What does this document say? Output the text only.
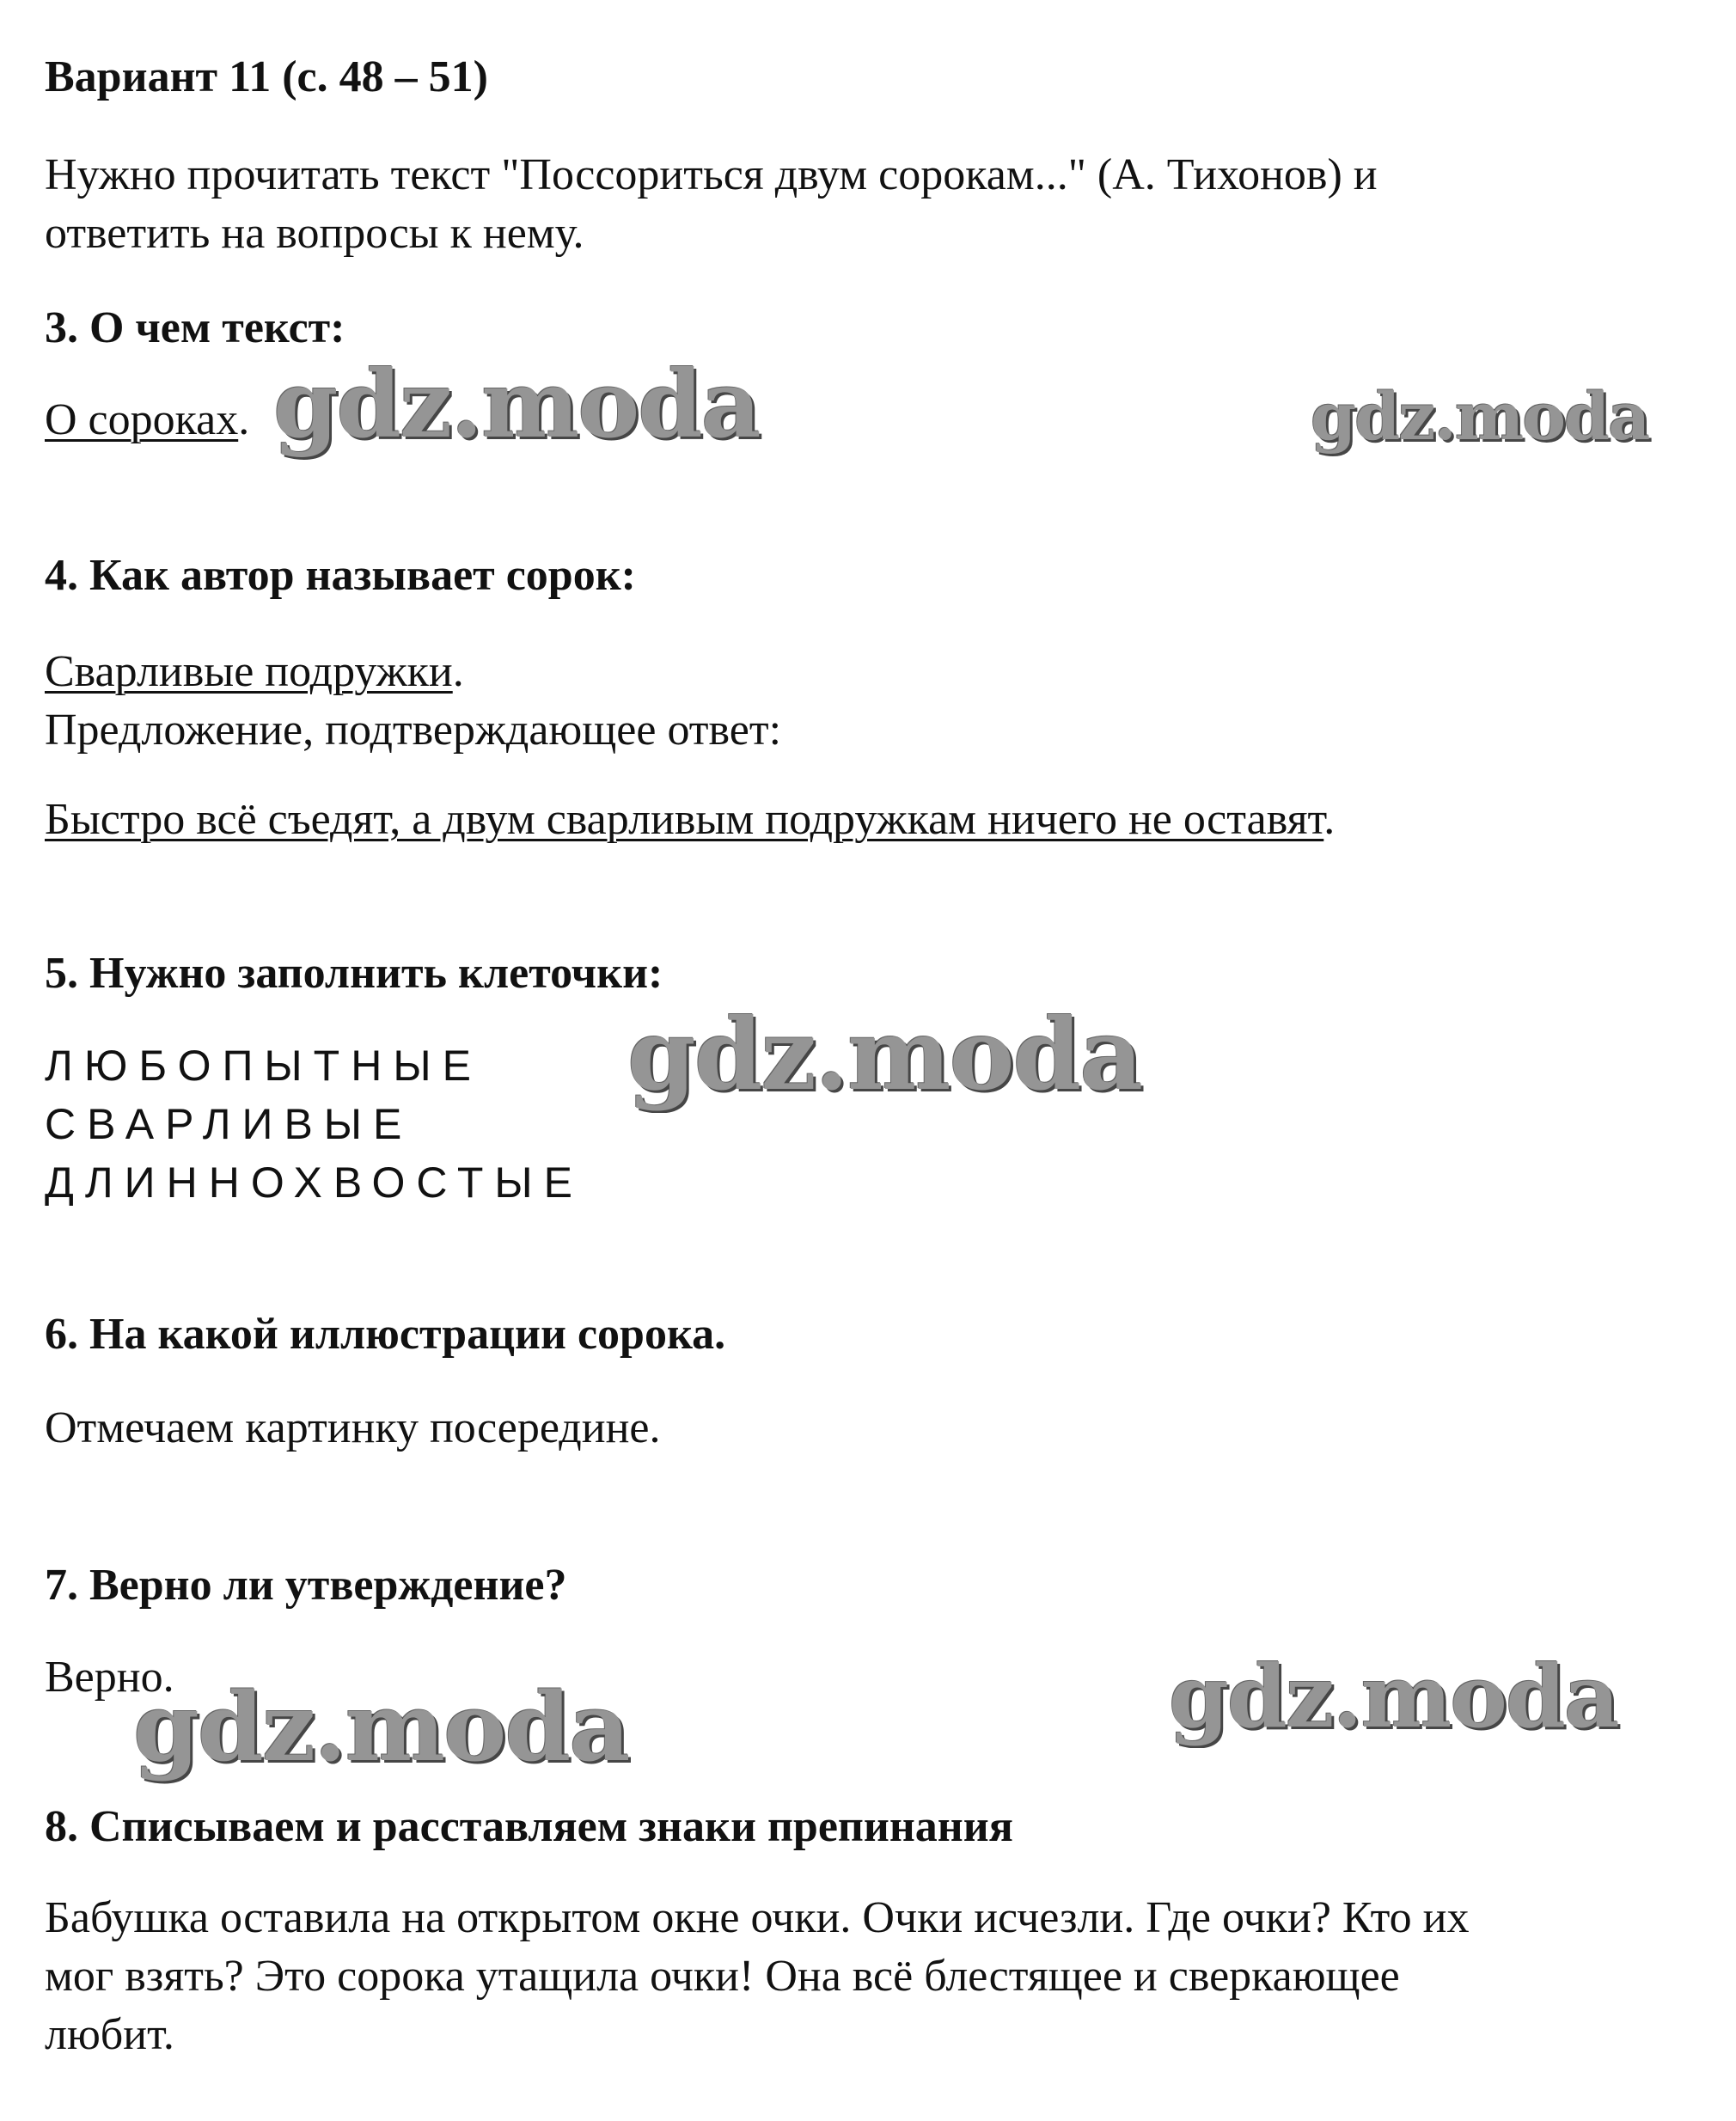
Вариант 11 (с. 48 – 51)

Нужно прочитать текст "Поссориться двум сорокам..." (А. Тихонов) и

ответить на вопросы к нему.

3. О чем текст:

О сороках.

4. Как автор называет сорок:

Сварливые подружки.

Предложение, подтверждающее ответ:

Быстро всё съедят, а двум сварливым подружкам ничего не оставят.

5. Нужно заполнить клеточки:

ЛЮБОПЫТНЫЕ

СВАРЛИВЫЕ

ДЛИННОХВОСТЫЕ

6. На какой иллюстрации сорока.

Отмечаем картинку посередине.

7. Верно ли утверждение?

Верно.

8. Списываем и расставляем знаки препинания

Бабушка оставила на открытом окне очки. Очки исчезли. Где очки? Кто их

мог взять? Это сорока утащила очки! Она всё блестящее и сверкающее

любит.

gdz.moda	gdz.moda
gdz.moda
gdz.moda	gdz.moda
